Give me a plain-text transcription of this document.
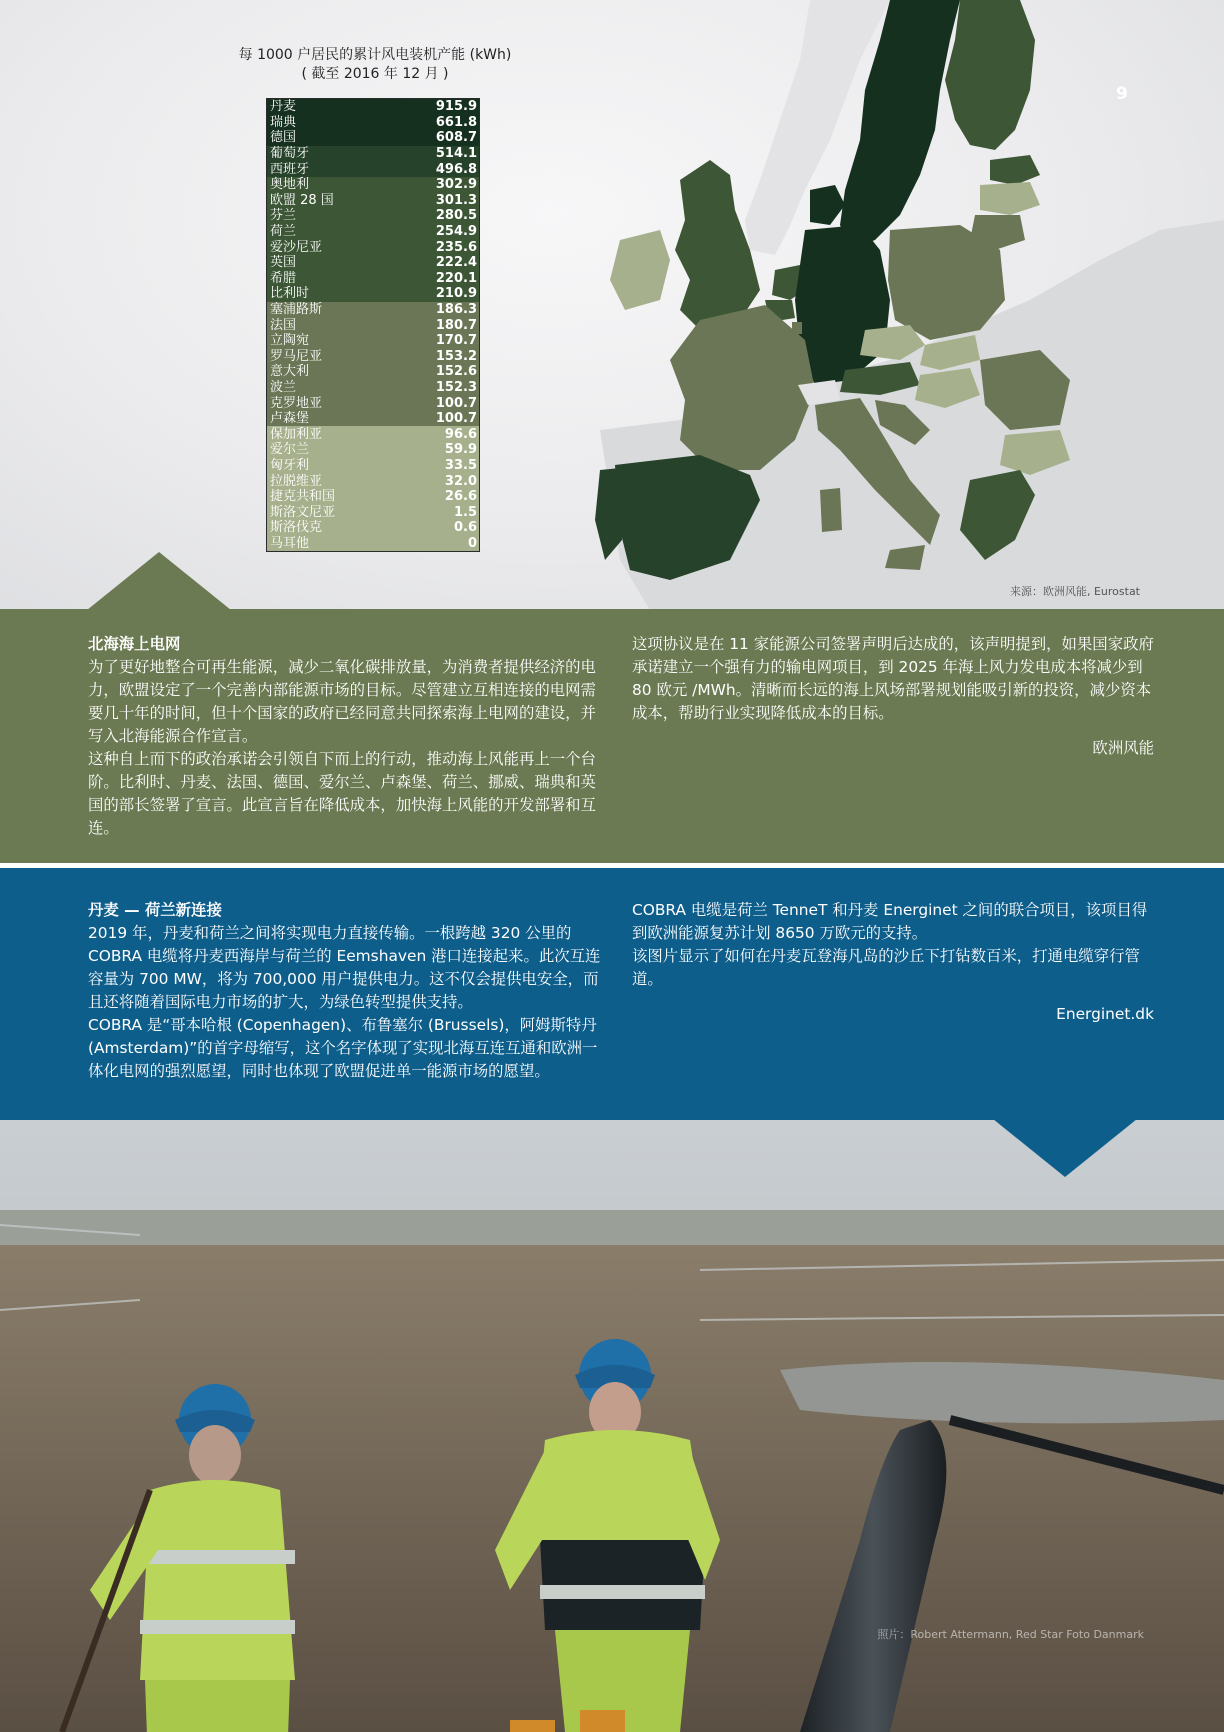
9
每 1000 户居民的累计风电装机产能 (kWh)
( 截至 2016 年 12 月 )
丹麦	915.9
瑞典	661.8
德国	608.7
葡萄牙	514.1
西班牙	496.8
奥地利	302.9
欧盟 28 国	301.3
芬兰	280.5
荷兰	254.9
爱沙尼亚	235.6
英国	222.4
希腊	220.1
比利时	210.9
塞浦路斯	186.3
法国	180.7
立陶宛	170.7
罗马尼亚	153.2
意大利	152.6
波兰	152.3
克罗地亚	100.7
卢森堡	100.7
保加利亚	96.6
爱尔兰	59.9
匈牙利	33.5
拉脱维亚	32.0
捷克共和国	26.6
斯洛文尼亚	1.5
斯洛伐克	0.6
马耳他	0
来源：欧洲风能, Eurostat
北海海上电网

为了更好地整合可再生能源，减少二氧化碳排放量，为消费者提供经济的电力，欧盟设定了一个完善内部能源市场的目标。尽管建立互相连接的电网需要几十年的时间，但十个国家的政府已经同意共同探索海上电网的建设，并写入北海能源合作宣言。

这种自上而下的政治承诺会引领自下而上的行动，推动海上风能再上一个台阶。比利时、丹麦、法国、德国、爱尔兰、卢森堡、荷兰、挪威、瑞典和英国的部长签署了宣言。此宣言旨在降低成本，加快海上风能的开发部署和互连。

这项协议是在 11 家能源公司签署声明后达成的，该声明提到，如果国家政府承诺建立一个强有力的输电网项目，到 2025 年海上风力发电成本将减少到 80 欧元 /MWh。清晰而长远的海上风场部署规划能吸引新的投资，减少资本成本，帮助行业实现降低成本的目标。

欧洲风能

丹麦 — 荷兰新连接

2019 年，丹麦和荷兰之间将实现电力直接传输。一根跨越 320 公里的 COBRA 电缆将丹麦西海岸与荷兰的 Eemshaven 港口连接起来。此次互连容量为 700 MW，将为 700,000 用户提供电力。这不仅会提供电安全，而且还将随着国际电力市场的扩大，为绿色转型提供支持。

COBRA 是“哥本哈根 (Copenhagen)、布鲁塞尔 (Brussels)，阿姆斯特丹 (Amsterdam)”的首字母缩写，这个名字体现了实现北海互连互通和欧洲一体化电网的强烈愿望，同时也体现了欧盟促进单一能源市场的愿望。

COBRA 电缆是荷兰 TenneT 和丹麦 Energinet 之间的联合项目，该项目得到欧洲能源复苏计划 8650 万欧元的支持。

该图片显示了如何在丹麦瓦登海凡岛的沙丘下打钻数百米，打通电缆穿行管道。

Energinet.dk

照片：Robert Attermann, Red Star Foto Danmark
